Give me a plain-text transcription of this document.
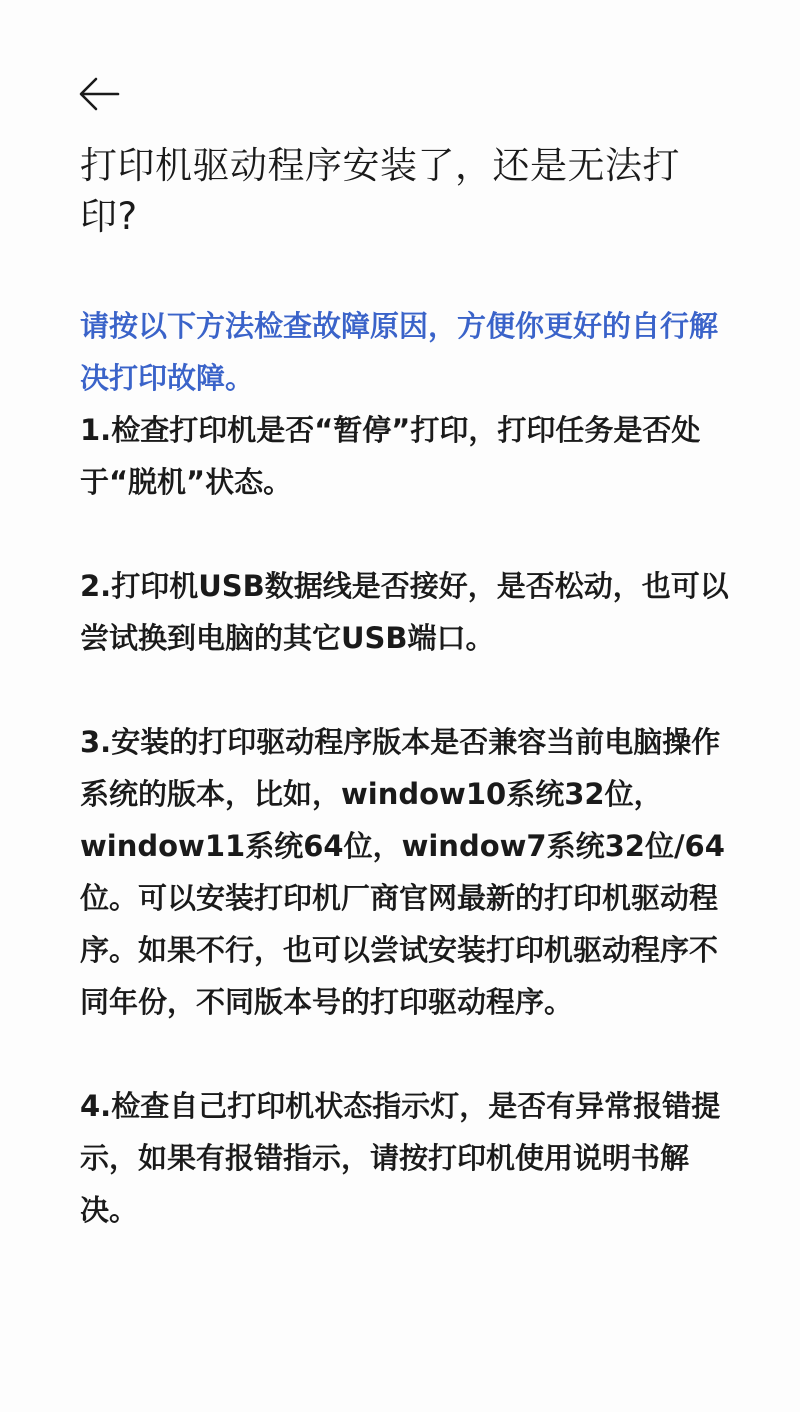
打印机驱动程序安装了，还是无法打印?

请按以下方法检查故障原因，方便你更好的自行解决打印故障。

1.检查打印机是否“暂停”打印，打印任务是否处于“脱机”状态。

2.打印机USB数据线是否接好，是否松动，也可以尝试换到电脑的其它USB端口。

3.安装的打印驱动程序版本是否兼容当前电脑操作系统的版本，比如，window10系统32位，window11系统64位，window7系统32位/64位。可以安装打印机厂商官网最新的打印机驱动程序。如果不行，也可以尝试安装打印机驱动程序不同年份，不同版本号的打印驱动程序。

4.检查自己打印机状态指示灯，是否有异常报错提示，如果有报错指示，请按打印机使用说明书解决。
